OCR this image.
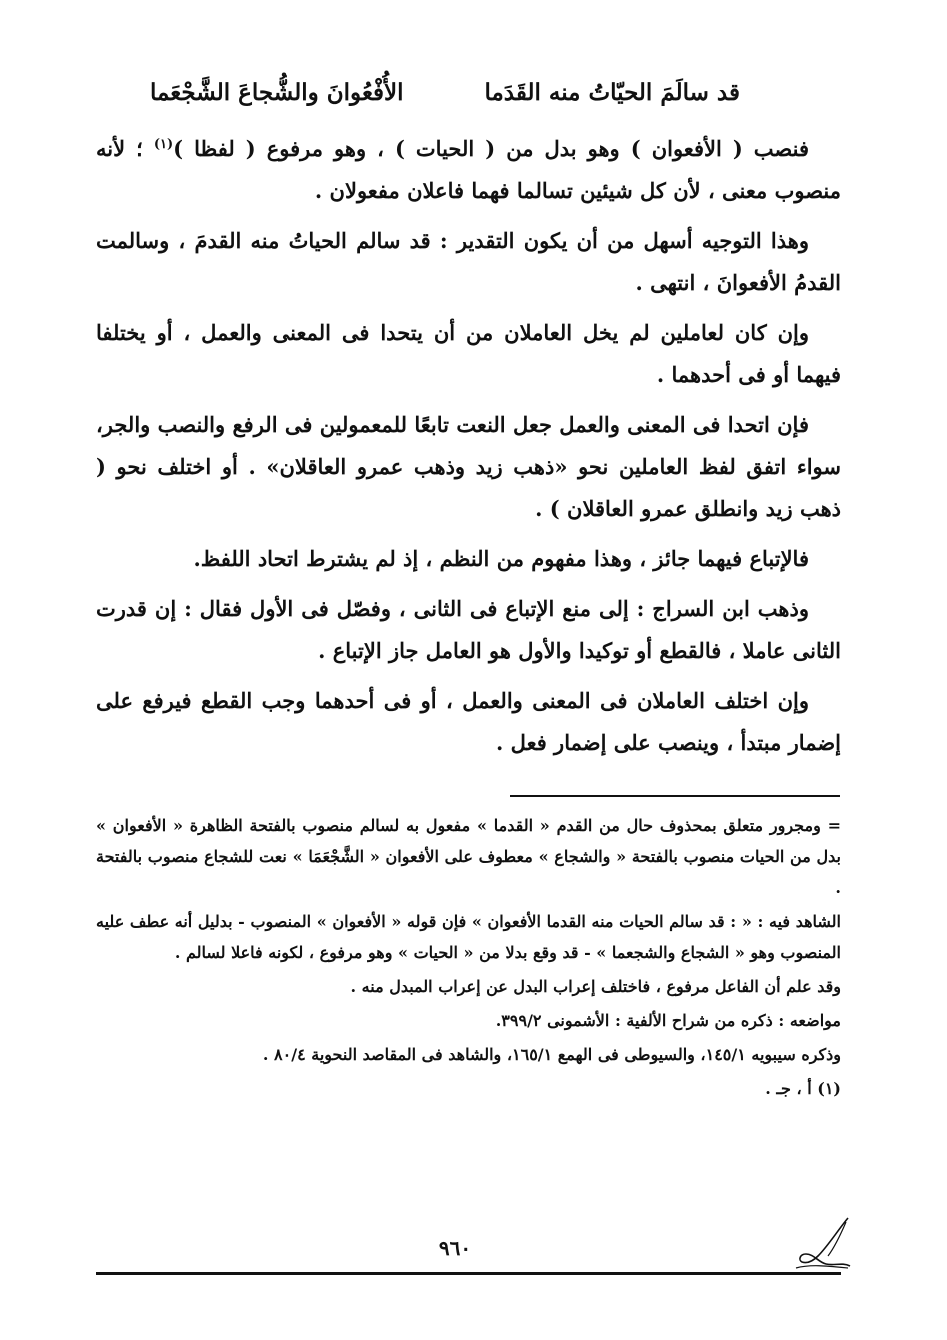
قد سالَمَ الحيّاتُ منه القَدَما
الأُفْعُوانَ والشُّجاعَ الشَّجْعَما

فنصب ( الأفعوان ) وهو بدل من ( الحيات ) ، وهو مرفوع ( لفظا )$^{(١)}$ ؛ لأنه منصوب معنى ، لأن كل شيئين تسالما فهما فاعلان مفعولان .

وهذا التوجيه أسهل من أن يكون التقدير : قد سالم الحياتُ منه القدمَ ، وسالمت القدمُ الأفعوانَ ، انتهى .

وإن كان لعاملين لم يخل العاملان من أن يتحدا فى المعنى والعمل ، أو يختلفا فيهما أو فى أحدهما .

فإن اتحدا فى المعنى والعمل جعل النعت تابعًا للمعمولين فى الرفع والنصب والجر، سواء اتفق لفظ العاملين نحو «ذهب زيد وذهب عمرو العاقلان» . أو اختلف نحو ( ذهب زيد وانطلق عمرو العاقلان ) .

فالإتباع فيهما جائز ، وهذا مفهوم من النظم ، إذ لم يشترط اتحاد اللفظ.

وذهب ابن السراج : إلى منع الإتباع فى الثانى ، وفصّل فى الأول فقال : إن قدرت الثانى عاملا ، فالقطع أو توكيدا والأول هو العامل جاز الإتباع .

وإن اختلف العاملان فى المعنى والعمل ، أو فى أحدهما وجب القطع فيرفع على إضمار مبتدأ ، وينصب على إضمار فعل .

= ومجرور متعلق بمحذوف حال من القدم « القدما » مفعول به لسالم منصوب بالفتحة الظاهرة « الأفعوان » بدل من الحيات منصوب بالفتحة « والشجاع » معطوف على الأفعوان « الشَّجْعَمَا » نعت للشجاع منصوب بالفتحة .

الشاهد فيه : « : قد سالم الحيات منه القدما الأفعوان » فإن قوله « الأفعوان » المنصوب - بدليل أنه عطف عليه المنصوب وهو « الشجاع والشجعما » - قد وقع بدلا من « الحيات » وهو مرفوع ، لكونه فاعلا لسالم .

وقد علم أن الفاعل مرفوع ، فاختلف إعراب البدل عن إعراب المبدل منه .

مواضعه : ذكره من شراح الألفية : الأشمونى ٣٩٩/٢.

وذكره سيبويه ١٤٥/١، والسيوطى فى الهمع ١٦٥/١، والشاهد فى المقاصد النحوية ٨٠/٤ .

(١) أ ، جـ .

٩٦٠
